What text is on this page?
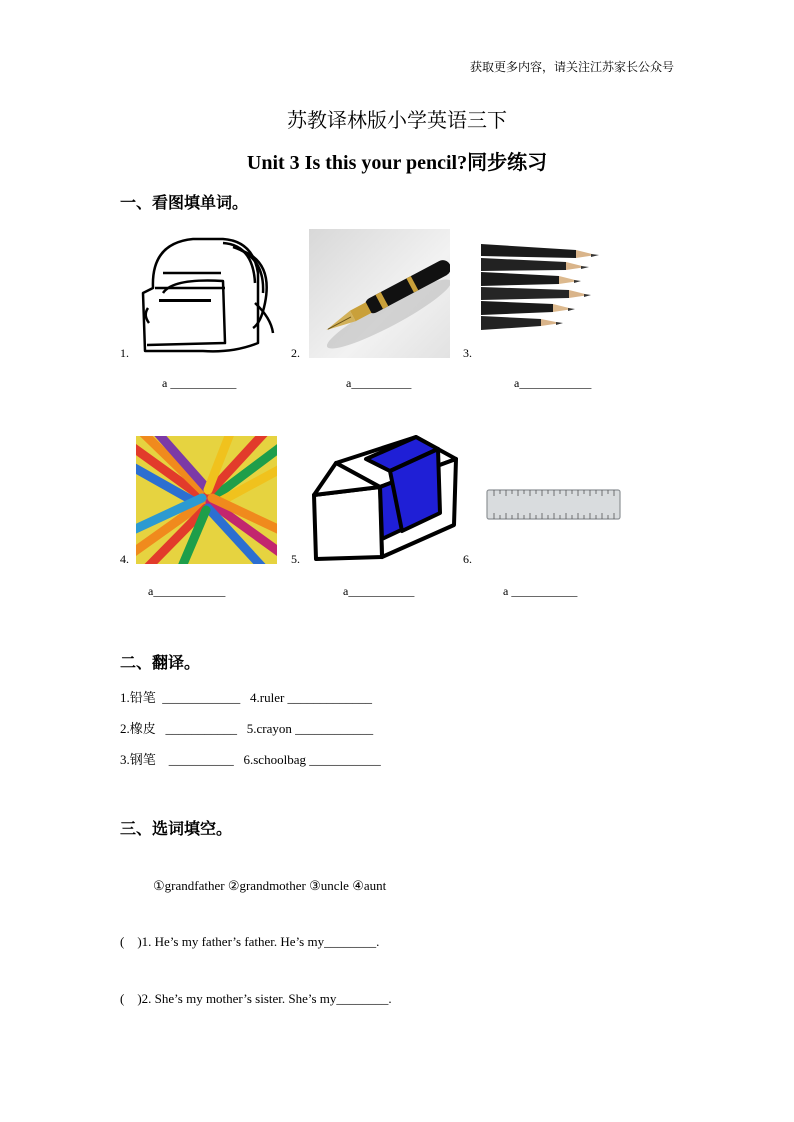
获取更多内容，请关注江苏家长公众号
苏教译林版小学英语三下
Unit 3 Is this your pencil?同步练习
一、看图填单词。
1.
a ___________
2.
a__________
3.
a____________
4.
a____________
5.
a___________
6.
a ___________
二、翻译。
1.铅笔  ____________   4.ruler _____________
2.橡皮   ___________   5.crayon ____________
3.钢笔    __________   6.schoolbag ___________
三、选词填空。
①grandfather ②grandmother ③uncle ④aunt
(    )1. He’s my father’s father. He’s my________.
(    )2. She’s my mother’s sister. She’s my________.
